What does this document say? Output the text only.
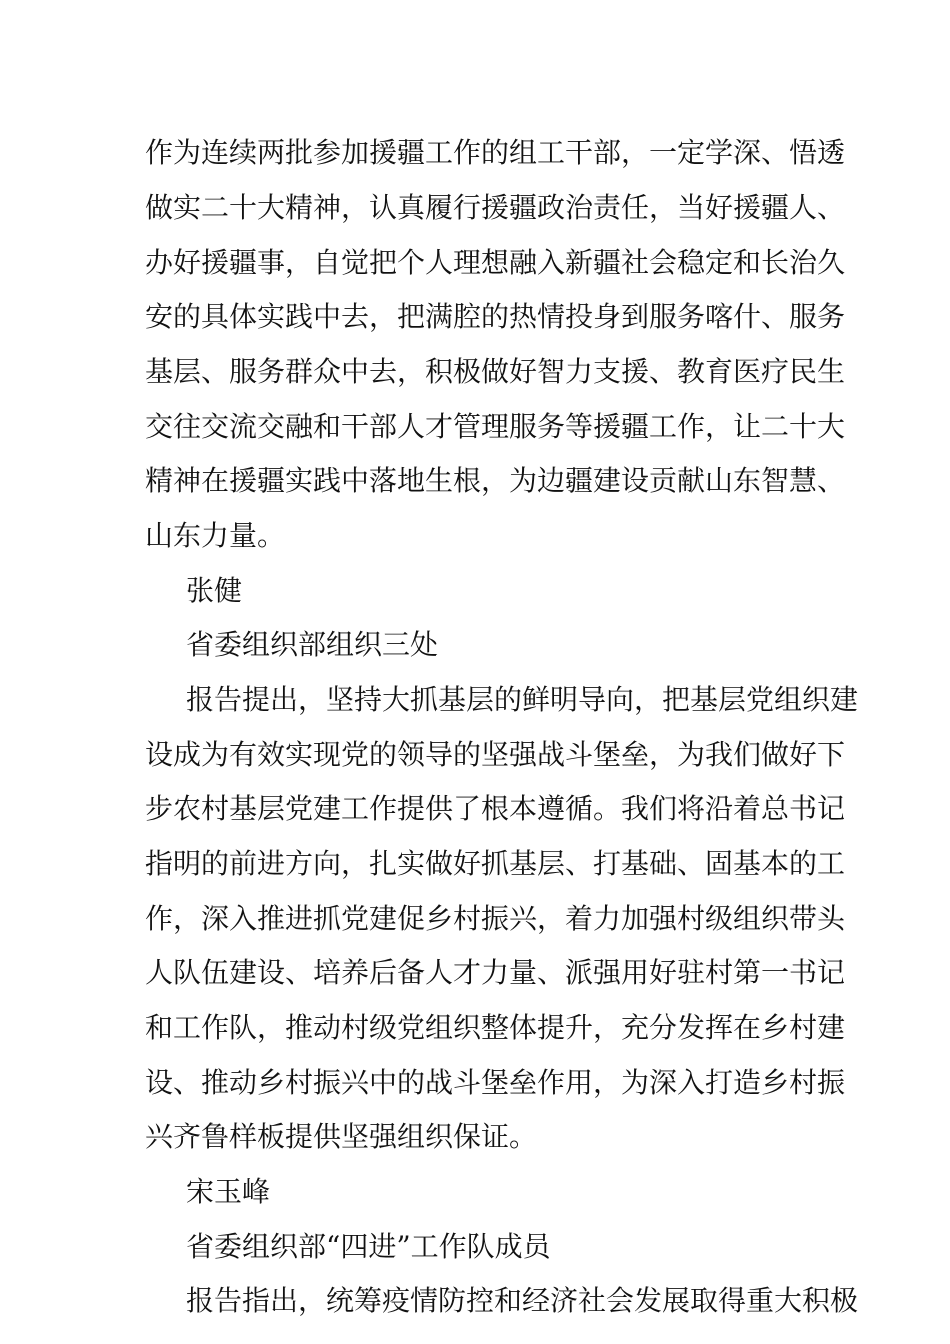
作为连续两批参加援疆工作的组工干部，一定学深、悟透
做实二十大精神，认真履行援疆政治责任，当好援疆人、
办好援疆事，自觉把个人理想融入新疆社会稳定和长治久
安的具体实践中去，把满腔的热情投身到服务喀什、服务
基层、服务群众中去，积极做好智力支援、教育医疗民生
交往交流交融和干部人才管理服务等援疆工作，让二十大
精神在援疆实践中落地生根，为边疆建设贡献山东智慧、
山东力量。
张健
省委组织部组织三处
报告提出，坚持大抓基层的鲜明导向，把基层党组织建
设成为有效实现党的领导的坚强战斗堡垒，为我们做好下
步农村基层党建工作提供了根本遵循。我们将沿着总书记
指明的前进方向，扎实做好抓基层、打基础、固基本的工
作，深入推进抓党建促乡村振兴，着力加强村级组织带头
人队伍建设、培养后备人才力量、派强用好驻村第一书记
和工作队，推动村级党组织整体提升，充分发挥在乡村建
设、推动乡村振兴中的战斗堡垒作用，为深入打造乡村振
兴齐鲁样板提供坚强组织保证。
宋玉峰
省委组织部“四进”工作队成员
报告指出，统筹疫情防控和经济社会发展取得重大积极
